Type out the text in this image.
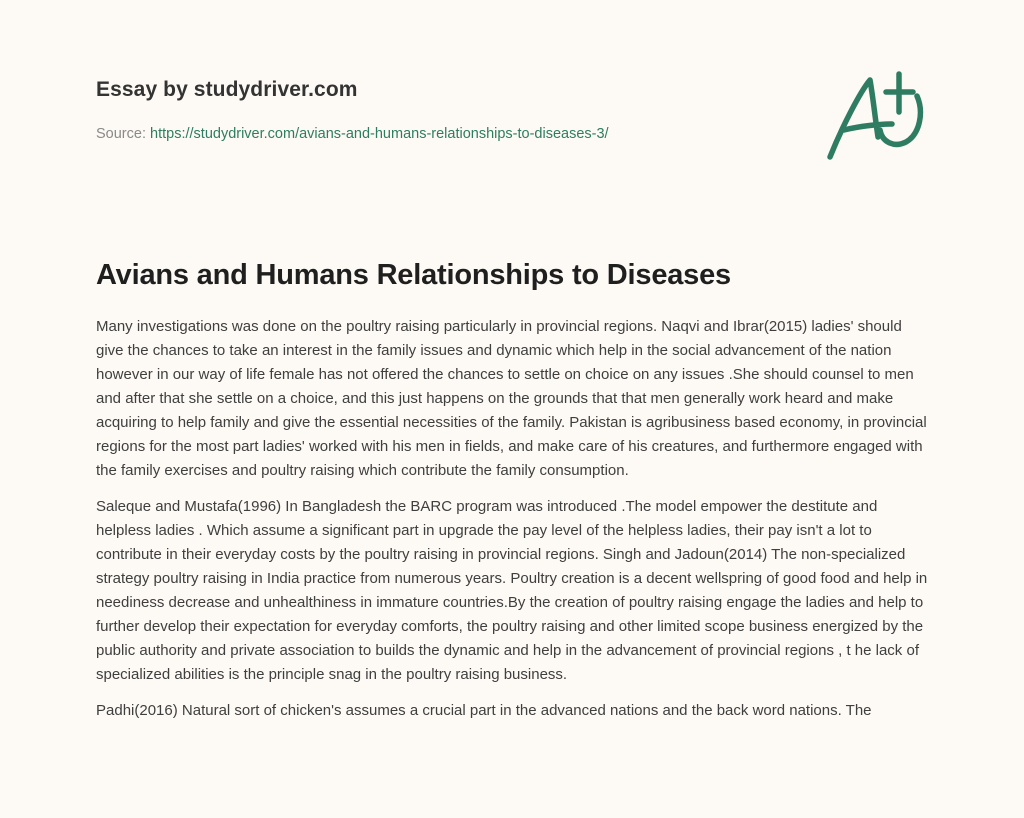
Essay by studydriver.com
Source: https://studydriver.com/avians-and-humans-relationships-to-diseases-3/
Avians and Humans Relationships to Diseases

Many investigations was done on the poultry raising particularly in provincial regions. Naqvi and Ibrar(2015) ladies' should give the chances to take an interest in the family issues and dynamic which help in the social advancement of the nation however in our way of life female has not offered the chances to settle on choice on any issues .She should counsel to men and after that she settle on a choice, and this just happens on the grounds that that men generally work heard and make acquiring to help family and give the essential necessities of the family. Pakistan is agribusiness based economy, in provincial regions for the most part ladies' worked with his men in fields, and make care of his creatures, and furthermore engaged with the family exercises and poultry raising which contribute the family consumption.

Saleque and Mustafa(1996) In Bangladesh the BARC program was introduced .The model empower the destitute and helpless ladies . Which assume a significant part in upgrade the pay level of the helpless ladies, their pay isn't a lot to contribute in their everyday costs by the poultry raising in provincial regions. Singh and Jadoun(2014) The non-specialized strategy poultry raising in India practice from numerous years. Poultry creation is a decent wellspring of good food and help in neediness decrease and unhealthiness in immature countries.By the creation of poultry raising engage the ladies and help to further develop their expectation for everyday comforts, the poultry raising and other limited scope business energized by the public authority and private association to builds the dynamic and help in the advancement of provincial regions , t he lack of specialized abilities is the principle snag in the poultry raising business.

Padhi(2016) Natural sort of chicken's assumes a crucial part in the advanced nations and the back word nations. The
